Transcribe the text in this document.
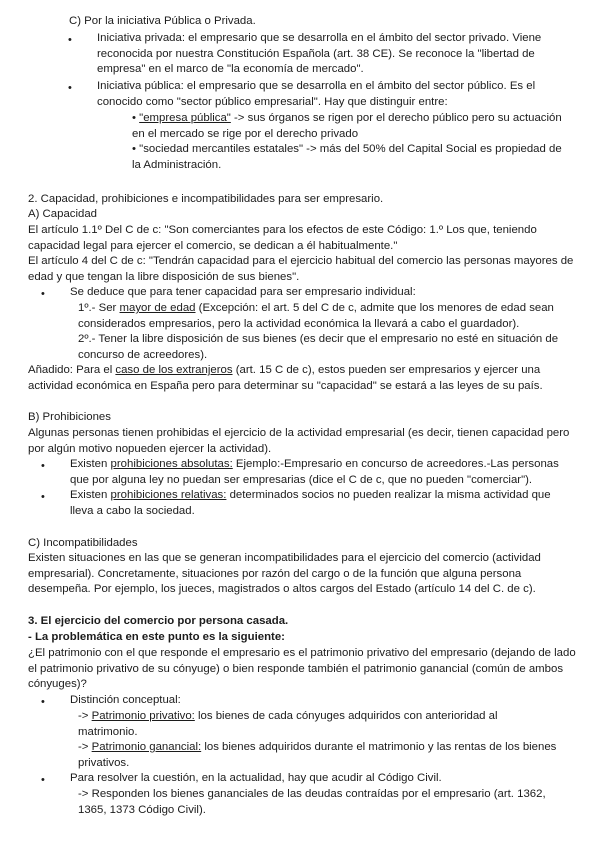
C) Por la iniciativa Pública o Privada.

• Iniciativa privada: el empresario que se desarrolla en el ámbito del sector privado. Viene reconocida por nuestra Constitución Española (art. 38 CE). Se reconoce la "libertad de empresa" en el marco de "la economía de mercado".

• Iniciativa pública: el empresario que se desarrolla en el ámbito del sector público. Es el conocido como "sector público empresarial". Hay que distinguir entre:

• "empresa pública" -> sus órganos se rigen por el derecho público pero su actuación en el mercado se rige por el derecho privado

• "sociedad mercantiles estatales" -> más del 50% del Capital Social es propiedad de la Administración.

2. Capacidad, prohibiciones e incompatibilidades para ser empresario.

A) Capacidad

El artículo 1.1º Del C de c: "Son comerciantes para los efectos de este Código: 1.º Los que, teniendo capacidad legal para ejercer el comercio, se dedican a él habitualmente."

El artículo 4 del C de c: "Tendrán capacidad para el ejercicio habitual del comercio las personas mayores de edad y que tengan la libre disposición de sus bienes".

• Se deduce que para tener capacidad para ser empresario individual:

1º.- Ser mayor de edad (Excepción: el art. 5 del C de c, admite que los menores de edad sean considerados empresarios, pero la actividad económica la llevará a cabo el guardador).

2º.- Tener la libre disposición de sus bienes (es decir que el empresario no esté en situación de concurso de acreedores).

Añadido: Para el caso de los extranjeros (art. 15 C de c), estos pueden ser empresarios y ejercer una actividad económica en España pero para determinar su "capacidad" se estará a las leyes de su país.

B) Prohibiciones

Algunas personas tienen prohibidas el ejercicio de la actividad empresarial (es decir, tienen capacidad pero por algún motivo nopueden ejercer la actividad).

• Existen prohibiciones absolutas: Ejemplo:-Empresario en concurso de acreedores.-Las personas que por alguna ley no puedan ser empresarias (dice el C de c, que no pueden "comerciar").

• Existen prohibiciones relativas: determinados socios no pueden realizar la misma actividad que lleva a cabo la sociedad.

C) Incompatibilidades

Existen situaciones en las que se generan incompatibilidades para el ejercicio del comercio (actividad empresarial). Concretamente, situaciones por razón del cargo o de la función que alguna persona desempeña. Por ejemplo, los jueces, magistrados o altos cargos del Estado (artículo 14 del C. de c).

3. El ejercicio del comercio por persona casada.

- La problemática en este punto es la siguiente:

¿El patrimonio con el que responde el empresario es el patrimonio privativo del empresario (dejando de lado el patrimonio privativo de su cónyuge) o bien responde también el patrimonio ganancial (común de ambos cónyuges)?

• Distinción conceptual:

-> Patrimonio privativo: los bienes de cada cónyuges adquiridos con anterioridad al matrimonio.

-> Patrimonio ganancial: los bienes adquiridos durante el matrimonio y las rentas de los bienes privativos.

• Para resolver la cuestión, en la actualidad, hay que acudir al Código Civil.

-> Responden los bienes gananciales de las deudas contraídas por el empresario (art. 1362, 1365, 1373 Código Civil).
